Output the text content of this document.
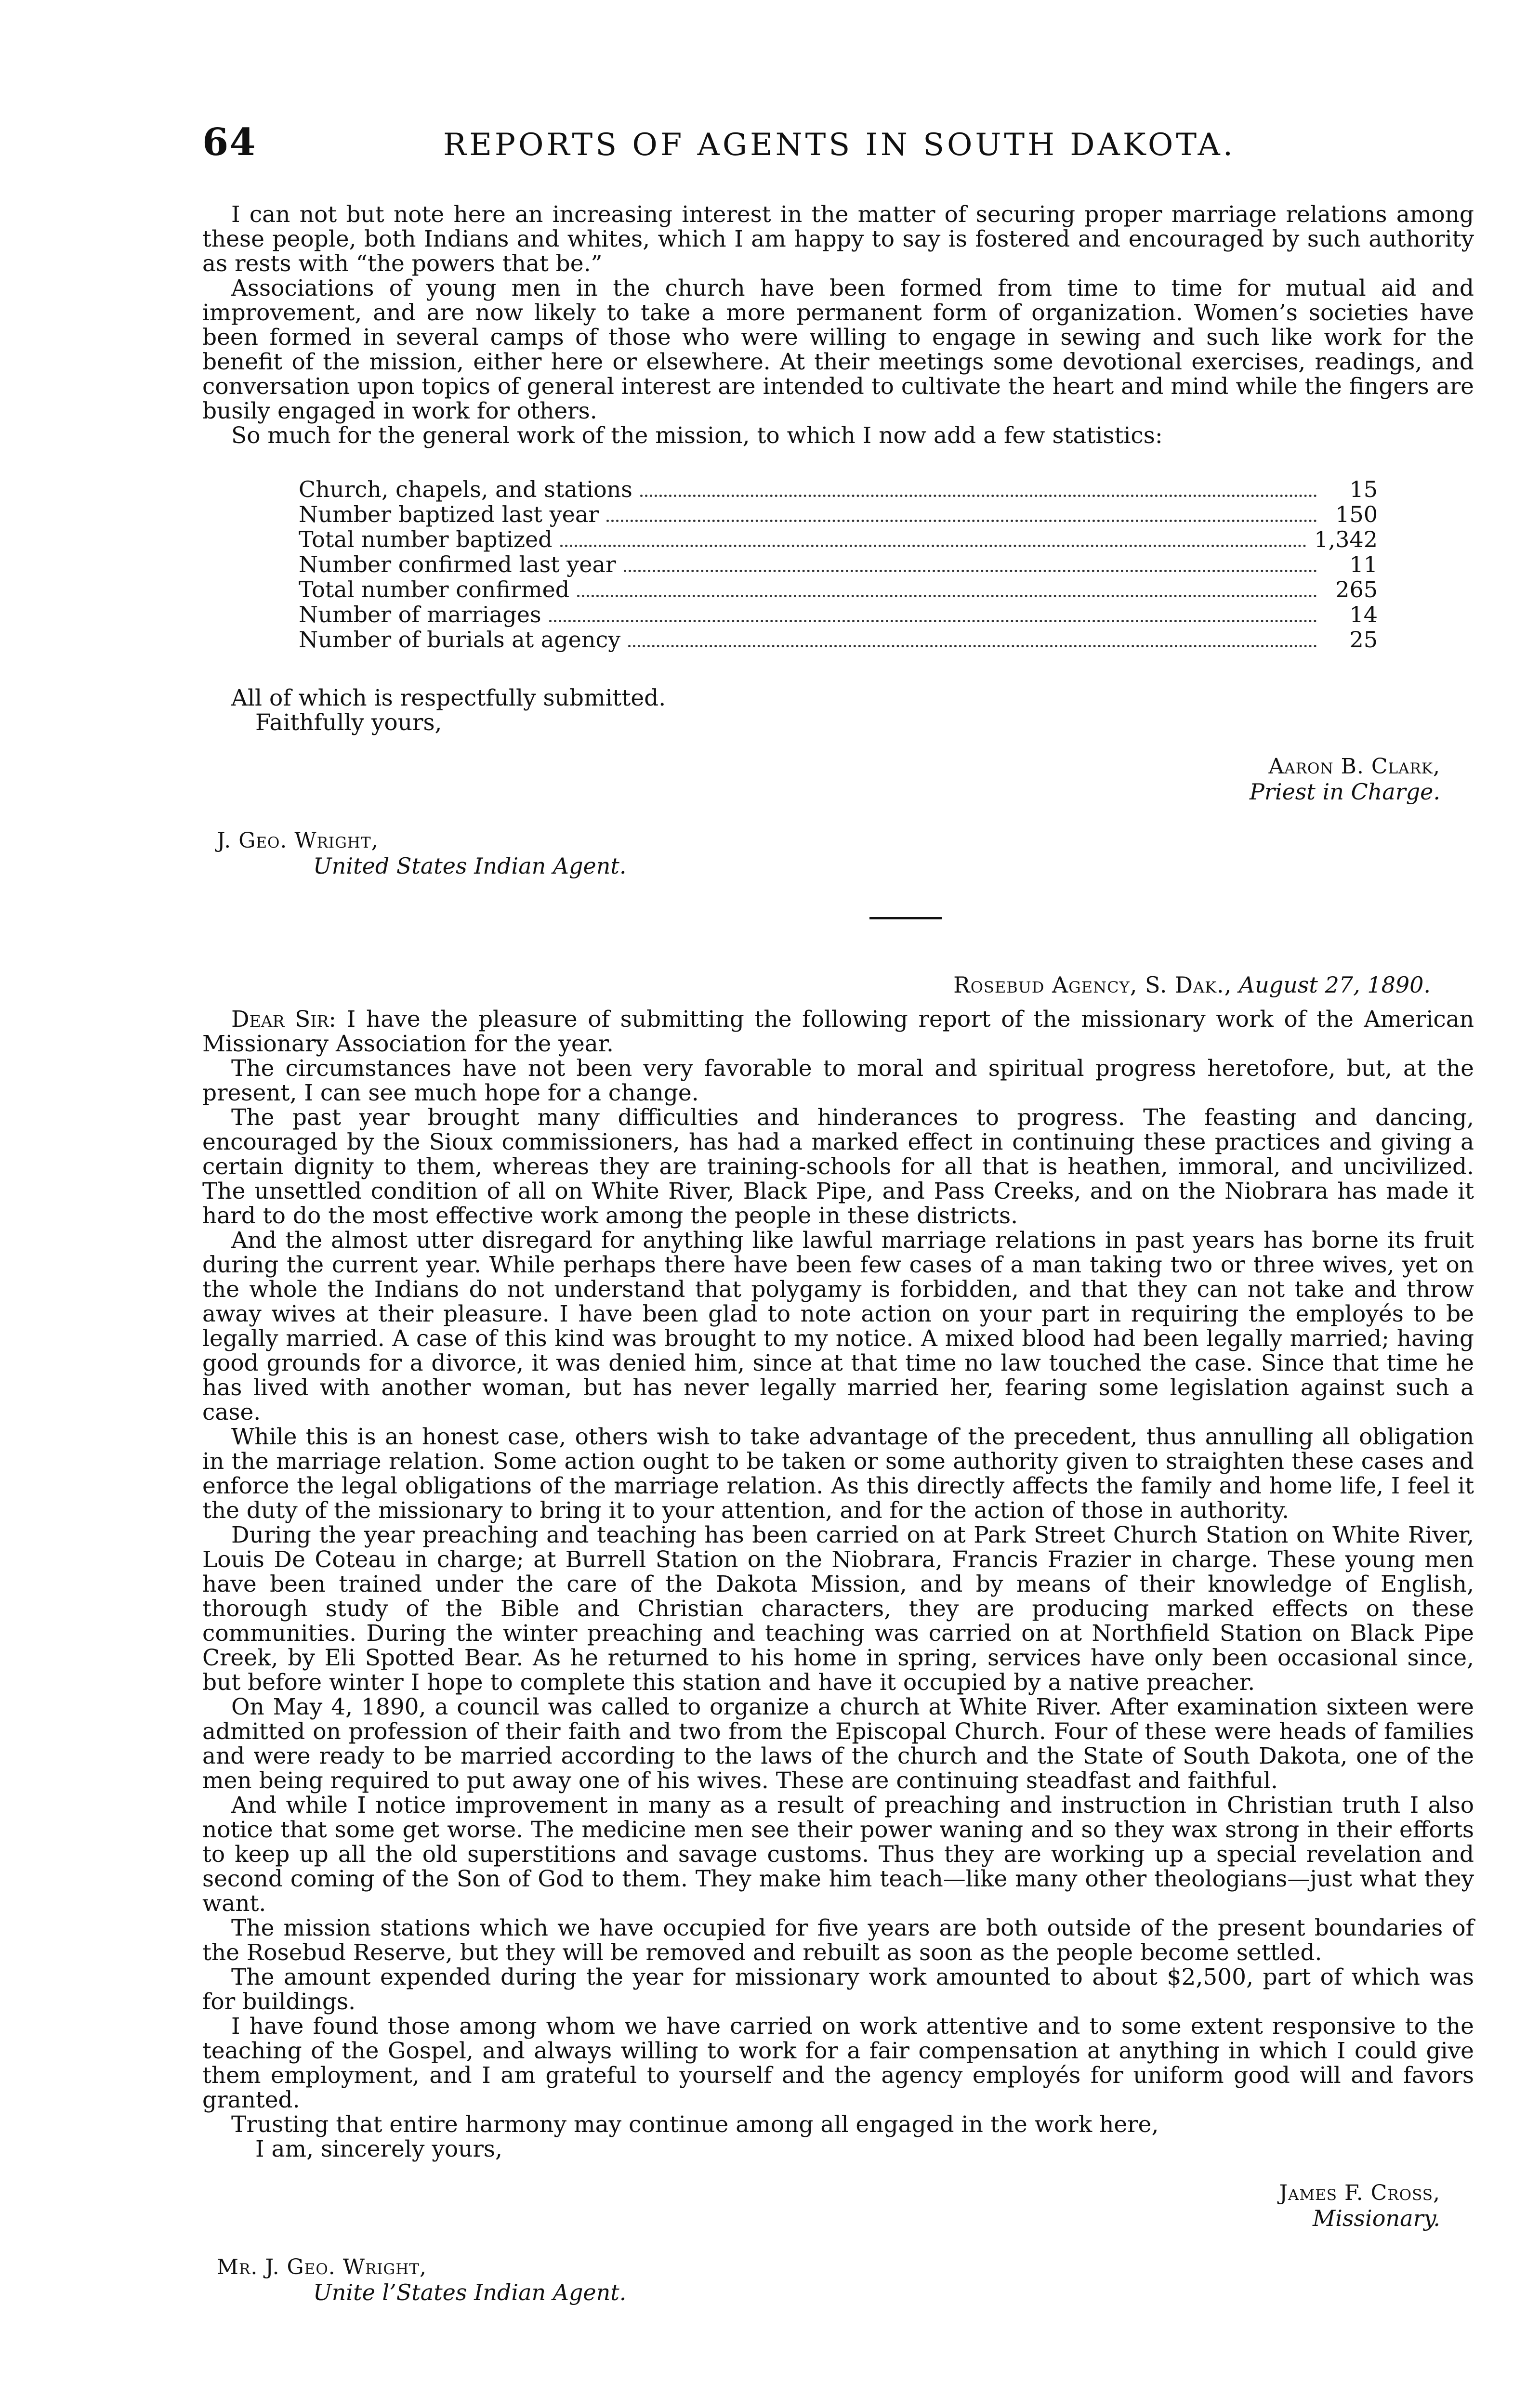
64	REPORTS OF AGENTS IN SOUTH DAKOTA.

I can not but note here an increasing interest in the matter of securing proper marriage relations among these people, both Indians and whites, which I am happy to say is fostered and encouraged by such authority as rests with “the powers that be.”

Associations of young men in the church have been formed from time to time for mutual aid and improvement, and are now likely to take a more permanent form of organization. Women’s societies have been formed in several camps of those who were willing to engage in sewing and such like work for the benefit of the mission, either here or elsewhere. At their meetings some devotional exercises, readings, and conversation upon topics of general interest are intended to cultivate the heart and mind while the fingers are busily engaged in work for others.

So much for the general work of the mission, to which I now add a few statistics:

Church, chapels, and stations	15
Number baptized last year	150
Total number baptized	1,342
Number confirmed last year	11
Total number confirmed	265
Number of marriages	14
Number of burials at agency	25
All of which is respectfully submitted.
Faithfully yours,
Aaron B. Clark,
Priest in Charge.
J. Geo. Wright,
United States Indian Agent.
Rosebud Agency, S. Dak., August 27, 1890.

Dear Sir: I have the pleasure of submitting the following report of the missionary work of the American Missionary Association for the year.

The circumstances have not been very favorable to moral and spiritual progress heretofore, but, at the present, I can see much hope for a change.

The past year brought many difficulties and hinderances to progress. The feasting and dancing, encouraged by the Sioux commissioners, has had a marked effect in continuing these practices and giving a certain dignity to them, whereas they are training-schools for all that is heathen, immoral, and uncivilized. The unsettled condition of all on White River, Black Pipe, and Pass Creeks, and on the Niobrara has made it hard to do the most effective work among the people in these districts.

And the almost utter disregard for anything like lawful marriage relations in past years has borne its fruit during the current year. While perhaps there have been few cases of a man taking two or three wives, yet on the whole the Indians do not understand that polygamy is forbidden, and that they can not take and throw away wives at their pleasure. I have been glad to note action on your part in requiring the employés to be legally married. A case of this kind was brought to my notice. A mixed blood had been legally married; having good grounds for a divorce, it was denied him, since at that time no law touched the case. Since that time he has lived with another woman, but has never legally married her, fearing some legislation against such a case.

While this is an honest case, others wish to take advantage of the precedent, thus annulling all obligation in the marriage relation. Some action ought to be taken or some authority given to straighten these cases and enforce the legal obligations of the marriage relation. As this directly affects the family and home life, I feel it the duty of the missionary to bring it to your attention, and for the action of those in authority.

During the year preaching and teaching has been carried on at Park Street Church Station on White River, Louis De Coteau in charge; at Burrell Station on the Niobrara, Francis Frazier in charge. These young men have been trained under the care of the Dakota Mission, and by means of their knowledge of English, thorough study of the Bible and Christian characters, they are producing marked effects on these communities. During the winter preaching and teaching was carried on at Northfield Station on Black Pipe Creek, by Eli Spotted Bear. As he returned to his home in spring, services have only been occasional since, but before winter I hope to complete this station and have it occupied by a native preacher.

On May 4, 1890, a council was called to organize a church at White River. After examination sixteen were admitted on profession of their faith and two from the Episcopal Church. Four of these were heads of families and were ready to be married according to the laws of the church and the State of South Dakota, one of the men being required to put away one of his wives. These are continuing steadfast and faithful.

And while I notice improvement in many as a result of preaching and instruction in Christian truth I also notice that some get worse. The medicine men see their power waning and so they wax strong in their efforts to keep up all the old superstitions and savage customs. Thus they are working up a special revelation and second coming of the Son of God to them. They make him teach—like many other theologians—just what they want.

The mission stations which we have occupied for five years are both outside of the present boundaries of the Rosebud Reserve, but they will be removed and rebuilt as soon as the people become settled.

The amount expended during the year for missionary work amounted to about $2,500, part of which was for buildings.

I have found those among whom we have carried on work attentive and to some extent responsive to the teaching of the Gospel, and always willing to work for a fair compensation at anything in which I could give them employment, and I am grateful to yourself and the agency employés for uniform good will and favors granted.

Trusting that entire harmony may continue among all engaged in the work here,

I am, sincerely yours,
James F. Cross,
Missionary.
Mr. J. Geo. Wright,
Unite l’States Indian Agent.
